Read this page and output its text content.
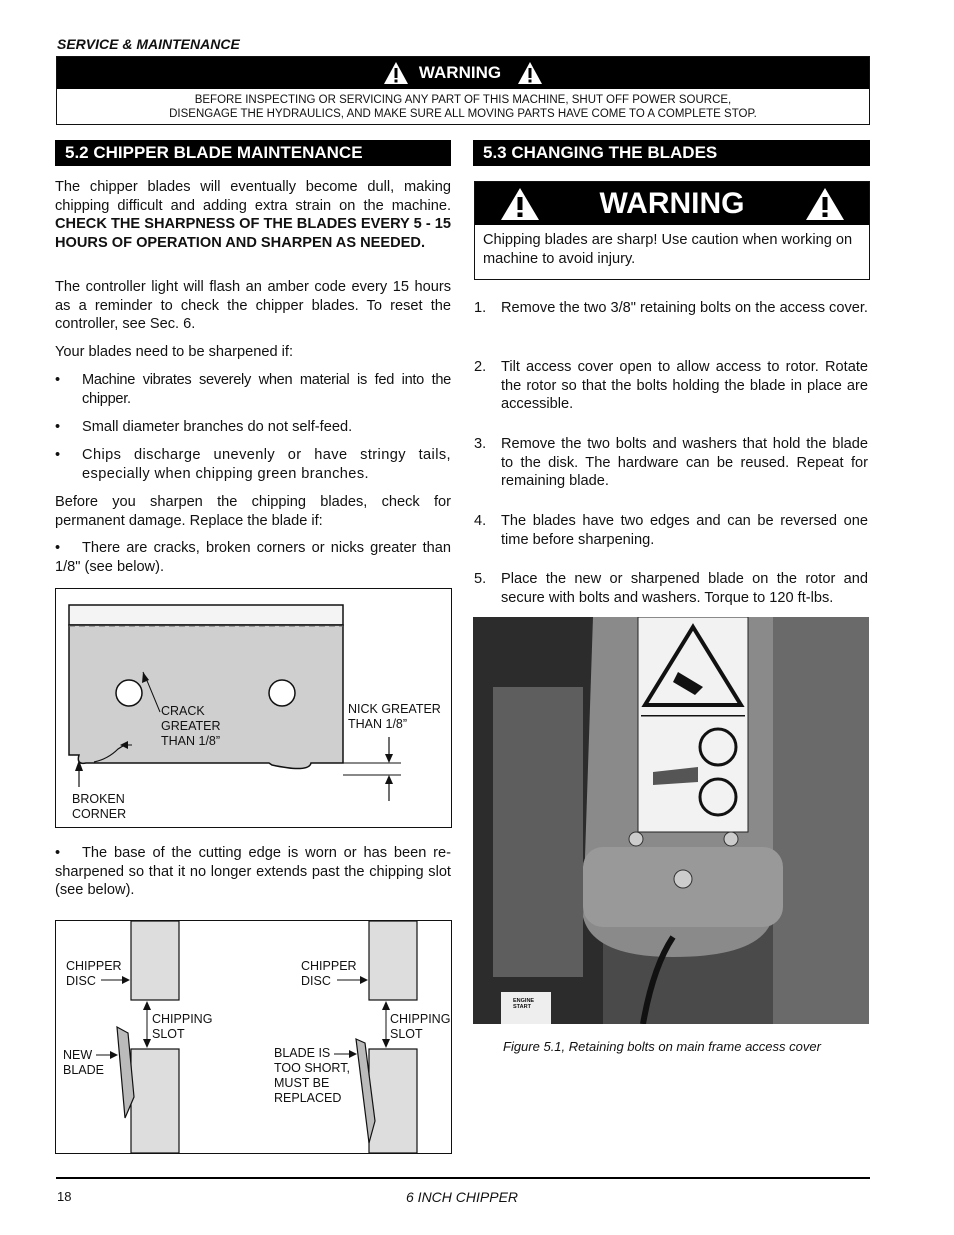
SERVICE & MAINTENANCE
WARNING
BEFORE INSPECTING OR SERVICING ANY PART OF THIS MACHINE, SHUT OFF POWER SOURCE,
DISENGAGE THE HYDRAULICS, AND MAKE SURE ALL MOVING PARTS HAVE COME TO A COMPLETE STOP.
5.2 CHIPPER BLADE MAINTENANCE
The chipper blades will eventually become dull, making chipping difficult and adding extra strain on the machine. CHECK THE SHARPNESS OF THE BLADES EVERY 5 - 15 HOURS OF OPERATION AND SHARPEN AS NEEDED.
The controller light will flash an amber code every 15 hours as a reminder to check the chipper blades. To reset the controller, see Sec. 6.
Your blades need to be sharpened if:
• Machine vibrates severely when material is fed into the chipper.
• Small diameter branches do not self-feed.
• Chips discharge unevenly or have stringy tails, especially when chipping green branches.
Before you sharpen the chipping blades, check for permanent damage. Replace the blade if:
• There are cracks, broken corners or nicks greater than 1/8" (see below).
CRACK
GREATER
THAN 1/8”
NICK GREATER
THAN 1/8”
BROKEN
CORNER
• The base of the cutting edge is worn or has been re-sharpened so that it no longer extends past the chipping slot (see below).
CHIPPER
DISC
CHIPPING
SLOT
NEW
BLADE
CHIPPER
DISC
CHIPPING
SLOT
BLADE IS
TOO SHORT,
MUST BE
REPLACED
5.3 CHANGING THE BLADES
WARNING
Chipping blades are sharp! Use caution when working on machine to avoid injury.
1. Remove the two 3/8" retaining bolts on the access cover.
2. Tilt access cover open to allow access to rotor. Rotate the rotor so that the bolts holding the blade in place are accessible.
3. Remove the two bolts and washers that hold the blade to the disk. The hardware can be reused. Repeat for remaining blade.
4. The blades have two edges and can be reversed one time before sharpening.
5. Place the new or sharpened blade on the rotor and secure with bolts and washers. Torque to 120 ft-lbs.
ENGINE
START
Figure 5.1, Retaining bolts on main frame access cover
18	6 INCH CHIPPER
